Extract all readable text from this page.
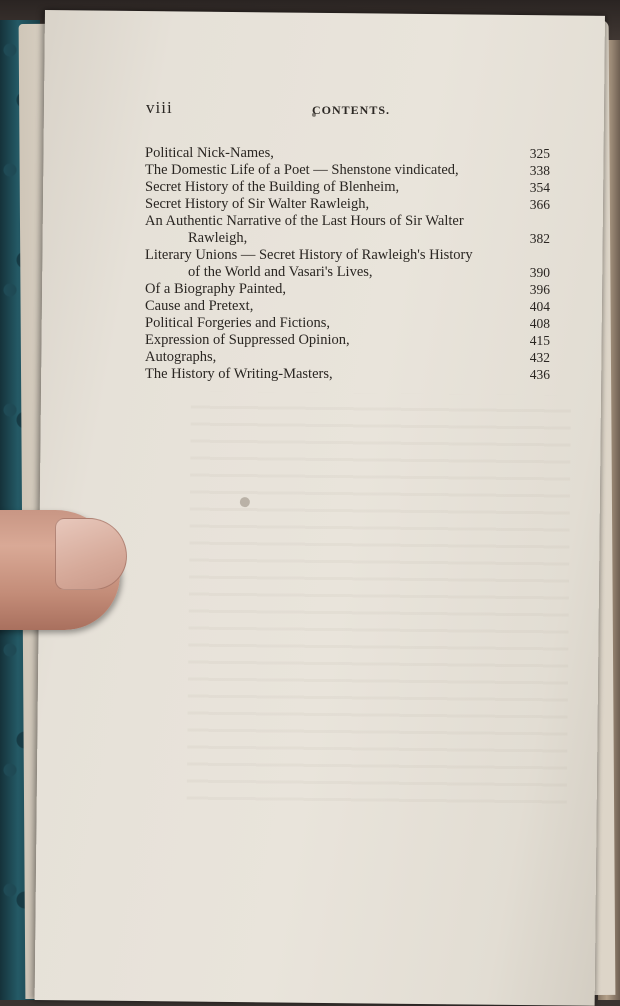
viii	CONTENTS.
Political Nick-Names,	325
The Domestic Life of a Poet — Shenstone vindicated,	338
Secret History of the Building of Blenheim,	354
Secret History of Sir Walter Rawleigh,	366
An Authentic Narrative of the Last Hours of Sir Walter
Rawleigh,	382
Literary Unions — Secret History of Rawleigh's History
of the World and Vasari's Lives,	390
Of a Biography Painted,	396
Cause and Pretext,	404
Political Forgeries and Fictions,	408
Expression of Suppressed Opinion,	415
Autographs,	432
The History of Writing-Masters,	436
